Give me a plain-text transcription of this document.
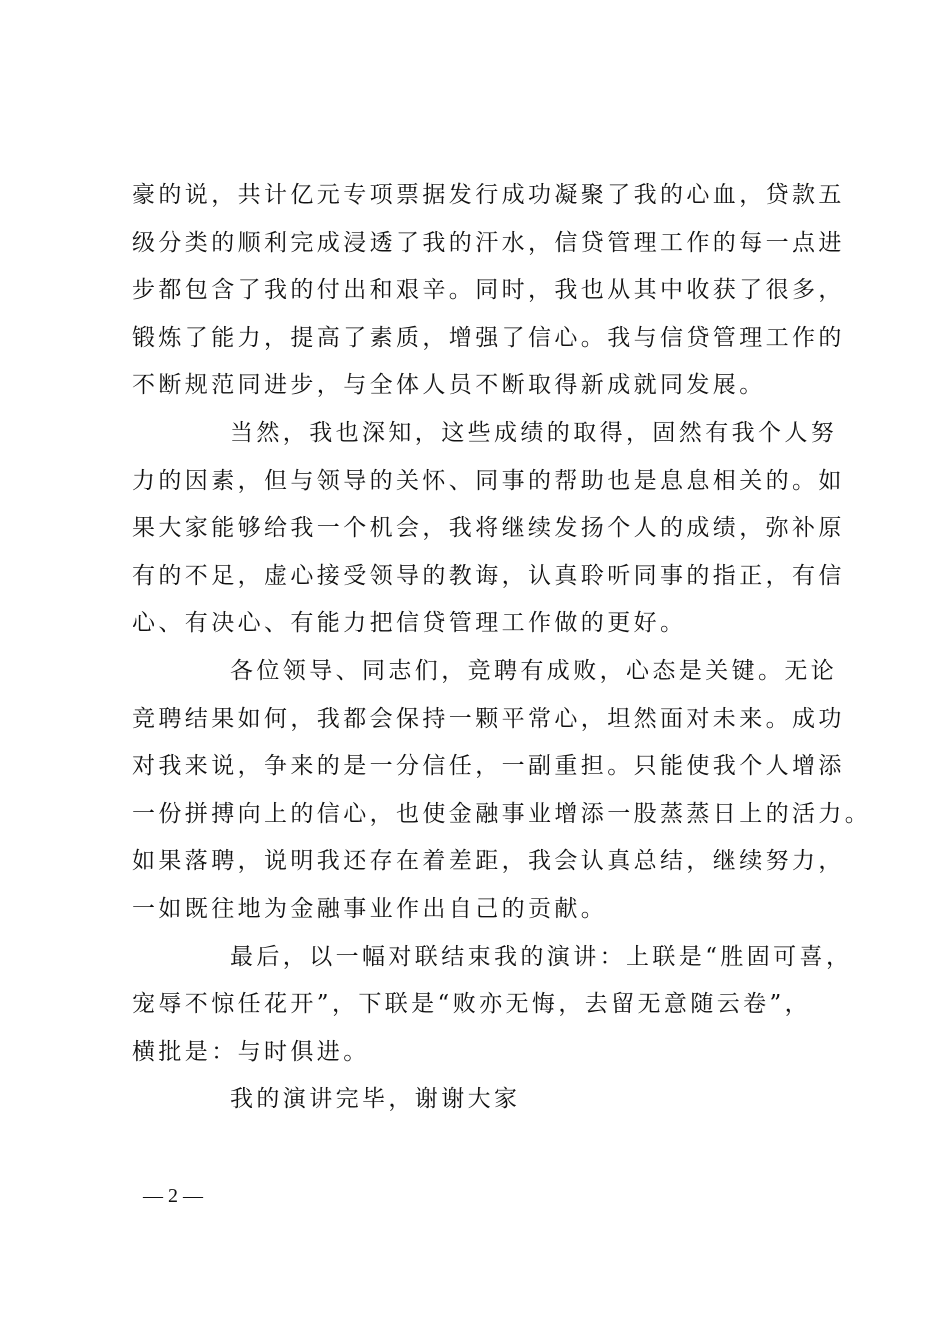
豪的说，共计亿元专项票据发行成功凝聚了我的心血，贷款五
级分类的顺利完成浸透了我的汗水，信贷管理工作的每一点进
步都包含了我的付出和艰辛。同时，我也从其中收获了很多，
锻炼了能力，提高了素质，增强了信心。我与信贷管理工作的
不断规范同进步，与全体人员不断取得新成就同发展。
当然，我也深知，这些成绩的取得，固然有我个人努
力的因素，但与领导的关怀、同事的帮助也是息息相关的。如
果大家能够给我一个机会，我将继续发扬个人的成绩，弥补原
有的不足，虚心接受领导的教诲，认真聆听同事的指正，有信
心、有决心、有能力把信贷管理工作做的更好。
各位领导、同志们，竞聘有成败，心态是关键。无论
竞聘结果如何，我都会保持一颗平常心，坦然面对未来。成功
对我来说，争来的是一分信任，一副重担。只能使我个人增添
一份拼搏向上的信心，也使金融事业增添一股蒸蒸日上的活力。
如果落聘，说明我还存在着差距，我会认真总结，继续努力，
一如既往地为金融事业作出自己的贡献。
最后，以一幅对联结束我的演讲：上联是“胜固可喜，
宠辱不惊任花开”，下联是“败亦无悔，去留无意随云卷”，
横批是：与时俱进。
我的演讲完毕，谢谢大家
— 2 —
